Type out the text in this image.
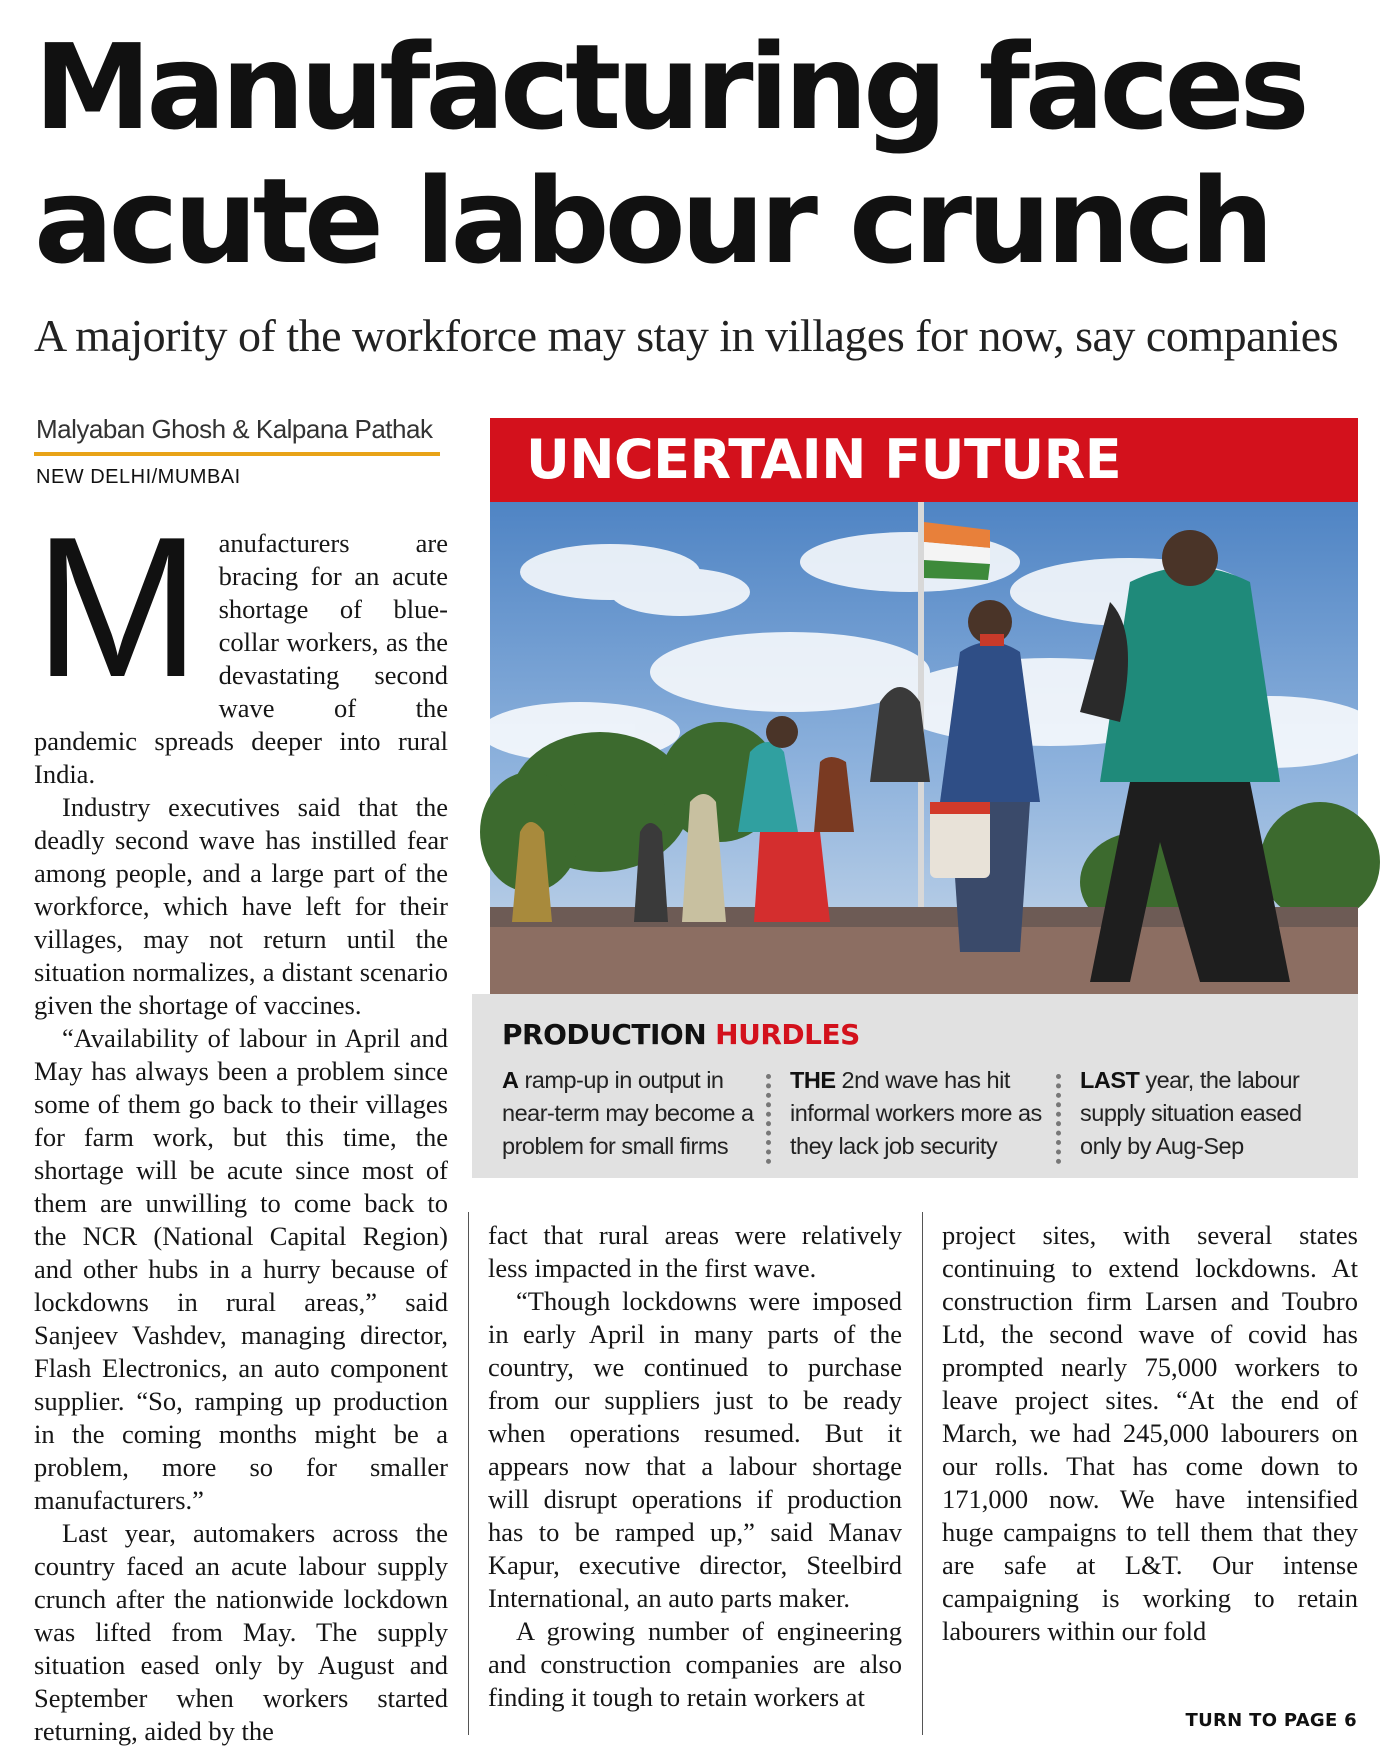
Manufacturing faces
acute labour crunch
A majority of the workforce may stay in villages for now, say companies
Malyaban Ghosh & Kalpana Pathak
NEW DELHI/MUMBAI
M anufacturers are bracing for an acute shortage of blue-collar workers, as the devastating second wave of the pandemic spreads deeper into rural India.

Industry executives said that the deadly second wave has instilled fear among people, and a large part of the workforce, which have left for their villages, may not return until the situation normalizes, a distant scenario given the shortage of vaccines.

“Availability of labour in April and May has always been a problem since some of them go back to their villages for farm work, but this time, the shortage will be acute since most of them are unwilling to come back to the NCR (National Capital Region) and other hubs in a hurry because of lockdowns in rural areas,” said Sanjeev Vashdev, managing director, Flash Electronics, an auto component supplier. “So, ramping up production in the coming months might be a problem, more so for smaller manufacturers.”

Last year, automakers across the country faced an acute labour supply crunch after the nationwide lockdown was lifted from May. The supply situation eased only by August and September when workers started returning, aided by the

UNCERTAIN FUTURE
PRODUCTION HURDLES
A ramp-up in output in near-term may become a problem for small firms
THE 2nd wave has hit informal workers more as they lack job security
LAST year, the labour supply situation eased only by Aug-Sep

fact that rural areas were relatively less impacted in the first wave.

“Though lockdowns were imposed in early April in many parts of the country, we continued to purchase from our suppliers just to be ready when operations resumed. But it appears now that a labour shortage will disrupt operations if production has to be ramped up,” said Manav Kapur, executive director, Steelbird International, an auto parts maker.

A growing number of engineering and construction companies are also finding it tough to retain workers at

project sites, with several states continuing to extend lockdowns. At construction firm Larsen and Toubro Ltd, the second wave of covid has prompted nearly 75,000 workers to leave project sites. “At the end of March, we had 245,000 labourers on our rolls. That has come down to 171,000 now. We have intensified huge campaigns to tell them that they are safe at L&T. Our intense campaigning is working to retain labourers within our fold

TURN TO PAGE 6
